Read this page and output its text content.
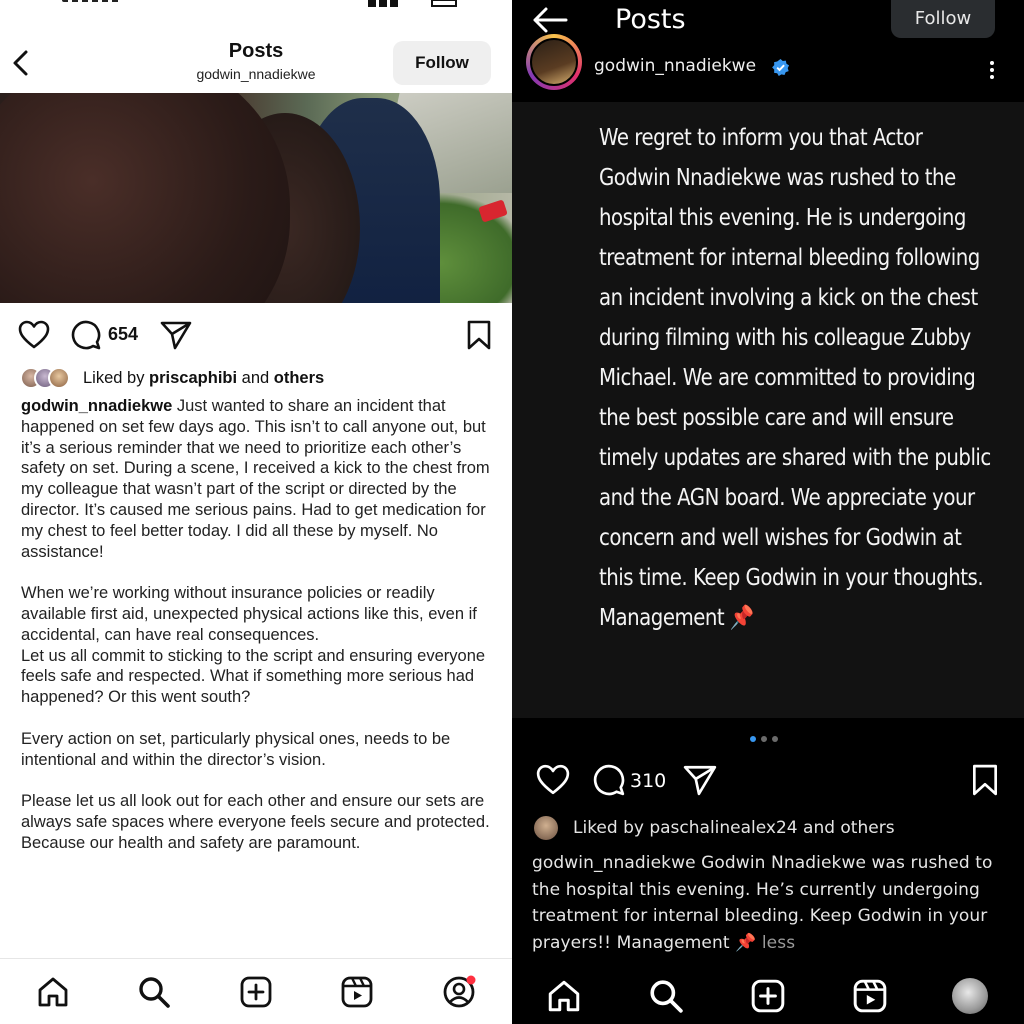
Posts
godwin_nnadiekwe
Follow
654
Liked by priscaphibi and others

godwin_nnadiekwe Just wanted to share an incident that happened on set few days ago. This isn’t to call anyone out, but it’s a serious reminder that we need to prioritize each other’s safety on set. During a scene, I received a kick to the chest from my colleague that wasn’t part of the script or directed by the director. It’s caused me serious pains. Had to get medication for my chest to feel better today. I did all these by myself. No assistance!

When we’re working without insurance policies or readily available first aid, unexpected physical actions like this, even if accidental, can have real consequences.

Let us all commit to sticking to the script and ensuring everyone feels safe and respected. What if something more serious had happened? Or this went south?

Every action on set, particularly physical ones, needs to be intentional and within the director’s vision.

Please let us all look out for each other and ensure our sets are always safe spaces where everyone feels secure and protected. Because our health and safety are paramount.

Posts	Follow
godwin_nnadiekwe
We regret to inform you that Actor Godwin Nnadiekwe was rushed to the hospital this evening. He is undergoing treatment for internal bleeding following an incident involving a kick on the chest during filming with his colleague Zubby Michael. We are committed to providing the best possible care and will ensure timely updates are shared with the public and the AGN board. We appreciate your concern and well wishes for Godwin at this time. Keep Godwin in your thoughts. Management 📌
310
Liked by paschalinealex24 and others
godwin_nnadiekwe Godwin Nnadiekwe was rushed to the hospital this evening. He’s currently undergoing treatment for internal bleeding. Keep Godwin in your prayers!! Management 📌 less
